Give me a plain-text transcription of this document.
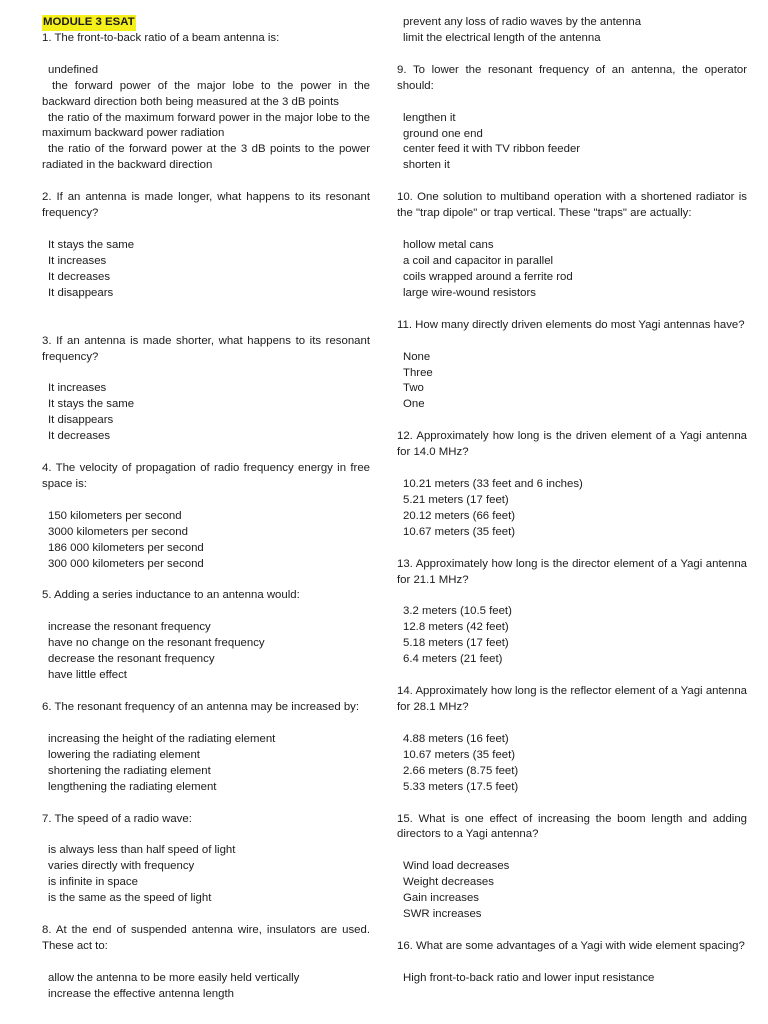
MODULE 3 ESAT
1. The front-to-back ratio of a beam antenna is:
undefined
the forward power of the major lobe to the power in the backward direction both being measured at the 3 dB points
the ratio of the maximum forward power in the major lobe to the maximum backward power radiation
the ratio of the forward power at the 3 dB points to the power radiated in the backward direction
2. If an antenna is made longer, what happens to its resonant frequency?
It stays the same
It increases
It decreases
It disappears
3. If an antenna is made shorter, what happens to its resonant frequency?
It increases
It stays the same
It disappears
It decreases
4. The velocity of propagation of radio frequency energy in free space is:
150 kilometers per second
3000 kilometers per second
186 000 kilometers per second
300 000 kilometers per second
5. Adding a series inductance to an antenna would:
increase the resonant frequency
have no change on the resonant frequency
decrease the resonant frequency
have little effect
6. The resonant frequency of an antenna may be increased by:
increasing the height of the radiating element
lowering the radiating element
shortening the radiating element
lengthening the radiating element
7. The speed of a radio wave:
is always less than half speed of light
varies directly with frequency
is infinite in space
is the same as the speed of light
8. At the end of suspended antenna wire, insulators are used. These act to:
allow the antenna to be more easily held vertically
increase the effective antenna length
prevent any loss of radio waves by the antenna
limit the electrical length of the antenna
9. To lower the resonant frequency of an antenna, the operator should:
lengthen it
ground one end
center feed it with TV ribbon feeder
shorten it
10. One solution to multiband operation with a shortened radiator is the "trap dipole" or trap vertical. These "traps" are actually:
hollow metal cans
a coil and capacitor in parallel
coils wrapped around a ferrite rod
large wire-wound resistors
11. How many directly driven elements do most Yagi antennas have?
None
Three
Two
One
12. Approximately how long is the driven element of a Yagi antenna for 14.0 MHz?
10.21 meters (33 feet and 6 inches)
5.21 meters (17 feet)
20.12 meters (66 feet)
10.67 meters (35 feet)
13. Approximately how long is the director element of a Yagi antenna for 21.1 MHz?
3.2 meters (10.5 feet)
12.8 meters (42 feet)
5.18 meters (17 feet)
6.4 meters (21 feet)
14. Approximately how long is the reflector element of a Yagi antenna for 28.1 MHz?
4.88 meters (16 feet)
10.67 meters (35 feet)
2.66 meters (8.75 feet)
5.33 meters (17.5 feet)
15. What is one effect of increasing the boom length and adding directors to a Yagi antenna?
Wind load decreases
Weight decreases
Gain increases
SWR increases
16. What are some advantages of a Yagi with wide element spacing?
High front-to-back ratio and lower input resistance
